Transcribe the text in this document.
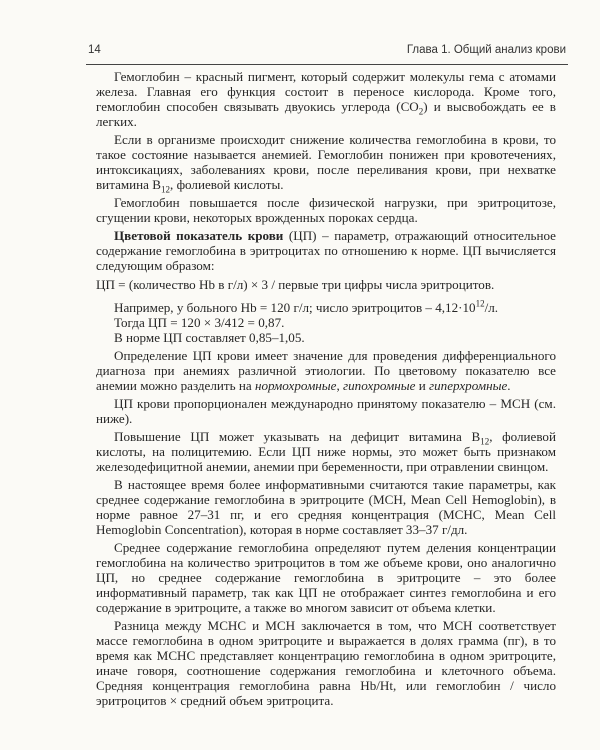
14	Глава 1. Общий анализ крови

Гемоглобин – красный пигмент, который содержит молекулы гема с атомами железа. Главная его функция состоит в переносе кислорода. Кроме того, гемоглобин способен связывать двуокись углерода $(CO_2)$ и высвобождать ее в легких.

Если в организме происходит снижение количества гемоглобина в крови, то такое состояние называется анемией. Гемоглобин понижен при кровотечениях, интоксикациях, заболеваниях крови, после переливания крови, при нехватке витамина $B_{12}$, фолиевой кислоты.

Гемоглобин повышается после физической нагрузки, при эритроцитозе, сгущении крови, некоторых врожденных пороках сердца.

Цветовой показатель крови (ЦП) – параметр, отражающий относительное содержание гемоглобина в эритроцитах по отношению к норме. ЦП вычисляется следующим образом:

ЦП = (количество Hb в г/л) × 3 / первые три цифры числа эритроцитов.

Например, у больного Hb = 120 г/л; число эритроцитов – $4,12\cdot 10^{12}/л$.

Тогда ЦП = 120 × 3/412 = 0,87.

В норме ЦП составляет 0,85–1,05.

Определение ЦП крови имеет значение для проведения дифференциального диагноза при анемиях различной этиологии. По цветовому показателю все анемии можно разделить на нормохромные, гипохромные и гиперхромные.

ЦП крови пропорционален международно принятому показателю – MCH (см. ниже).

Повышение ЦП может указывать на дефицит витамина $B_{12}$, фолиевой кислоты, на полицитемию. Если ЦП ниже нормы, это может быть признаком железодефицитной анемии, анемии при беременности, при отравлении свинцом.

В настоящее время более информативными считаются такие параметры, как среднее содержание гемоглобина в эритроците (MCH, Mean Cell Hemoglobin), в норме равное 27–31 пг, и его средняя концентрация (MCHC, Mean Cell Hemoglobin Concentration), которая в норме составляет 33–37 г/дл.

Среднее содержание гемоглобина определяют путем деления концентрации гемоглобина на количество эритроцитов в том же объеме крови, оно аналогично ЦП, но среднее содержание гемоглобина в эритроците – это более информативный параметр, так как ЦП не отображает синтез гемоглобина и его содержание в эритроците, а также во многом зависит от объема клетки.

Разница между MCHC и MCH заключается в том, что MCH соответствует массе гемоглобина в одном эритроците и выражается в долях грамма (пг), в то время как MCHC представляет концентрацию гемоглобина в одном эритроците, иначе говоря, соотношение содержания гемоглобина и клеточного объема. Средняя концентрация гемоглобина равна Hb/Ht, или гемоглобин / число эритроцитов × средний объем эритроцита.
